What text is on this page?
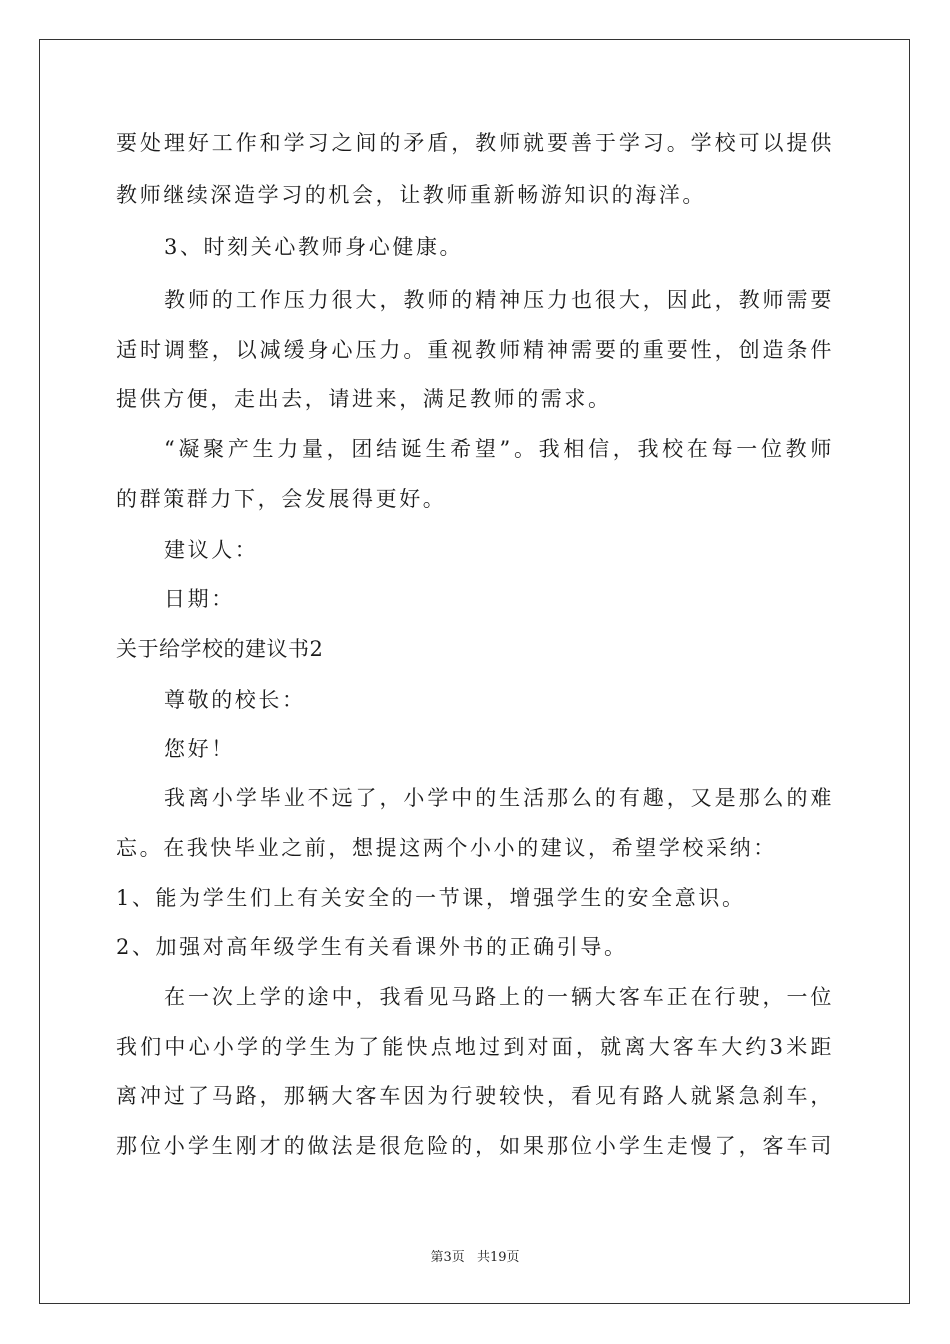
要处理好工作和学习之间的矛盾，教师就要善于学习。学校可以提供
教师继续深造学习的机会，让教师重新畅游知识的海洋。
3、时刻关心教师身心健康。
教师的工作压力很大，教师的精神压力也很大，因此，教师需要
适时调整，以减缓身心压力。重视教师精神需要的重要性，创造条件
提供方便，走出去，请进来，满足教师的需求。
“凝聚产生力量，团结诞生希望”。我相信，我校在每一位教师
的群策群力下，会发展得更好。
建议人：
日期：
关于给学校的建议书2
尊敬的校长：
您好！
我离小学毕业不远了，小学中的生活那么的有趣，又是那么的难
忘。在我快毕业之前，想提这两个小小的建议，希望学校采纳：
1、能为学生们上有关安全的一节课，增强学生的安全意识。
2、加强对高年级学生有关看课外书的正确引导。
在一次上学的途中，我看见马路上的一辆大客车正在行驶，一位
我们中心小学的学生为了能快点地过到对面，就离大客车大约3米距
离冲过了马路，那辆大客车因为行驶较快，看见有路人就紧急刹车，
那位小学生刚才的做法是很危险的，如果那位小学生走慢了，客车司
第3页 共19页
